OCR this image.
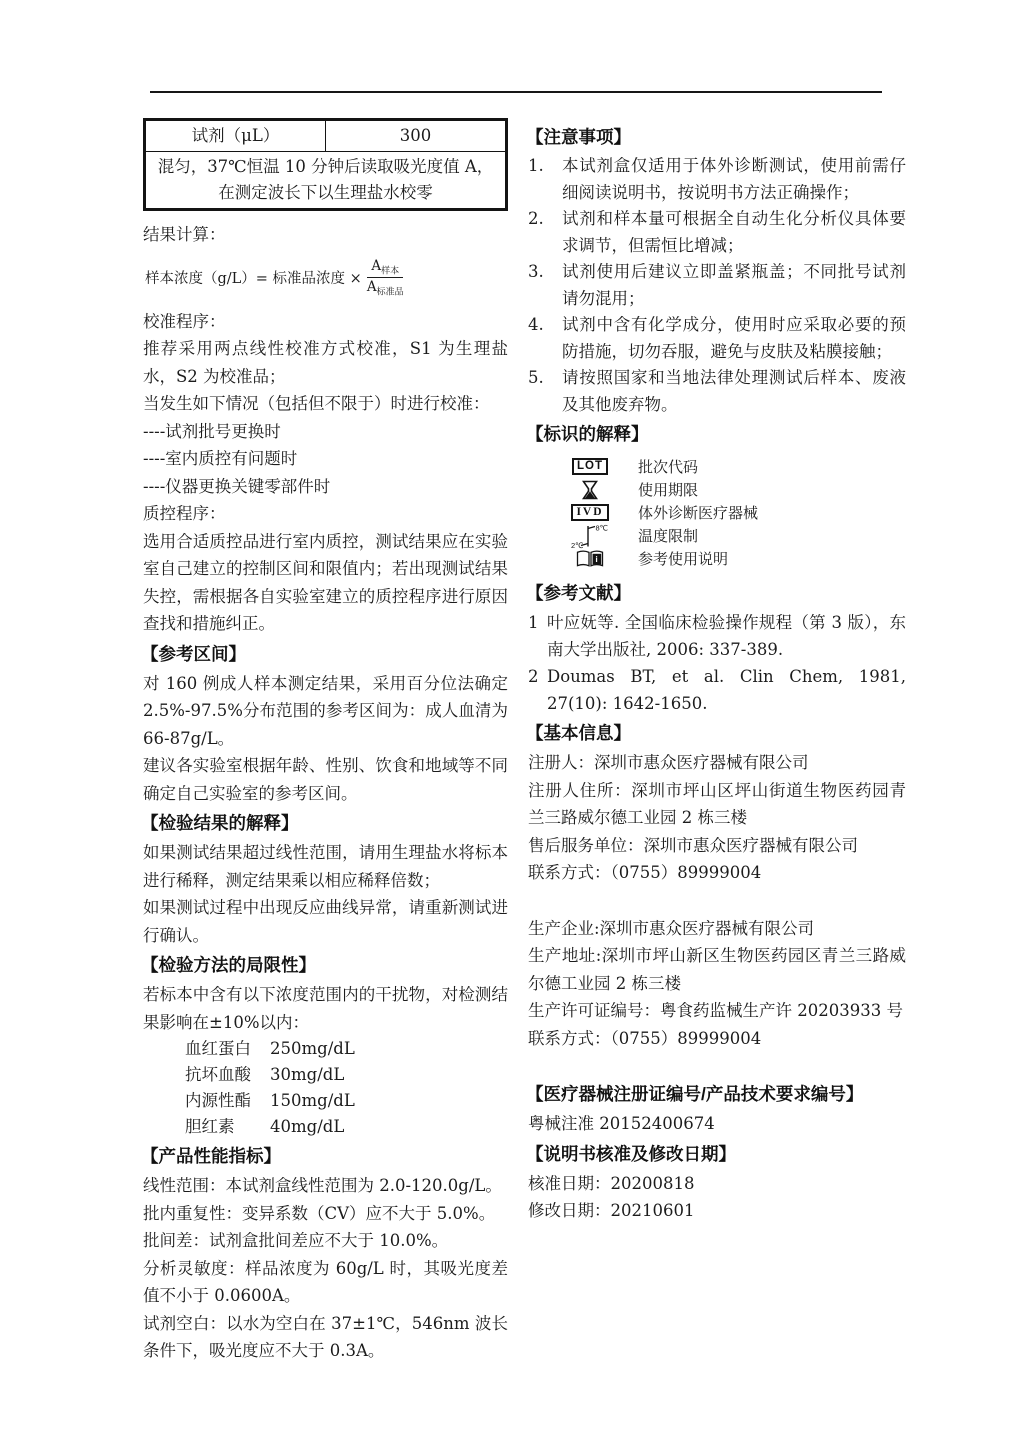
试剂（μL）	300
混匀，37℃恒温 10 分钟后读取吸光度值 A，在测定波长下以生理盐水校零

结果计算：

样本浓度（g/L）= 标准品浓度 × $\frac{A_{样本}}{A_{标准品}}$

校准程序：

推荐采用两点线性校准方式校准，S1 为生理盐水，S2 为校准品；

当发生如下情况（包括但不限于）时进行校准：

----试剂批号更换时

----室内质控有问题时

----仪器更换关键零部件时

质控程序：

选用合适质控品进行室内质控，测试结果应在实验室自己建立的控制区间和限值内；若出现测试结果失控，需根据各自实验室建立的质控程序进行原因查找和措施纠正。

【参考区间】

对 160 例成人样本测定结果，采用百分位法确定 2.5%-97.5%分布范围的参考区间为：成人血清为 66-87g/L。

建议各实验室根据年龄、性别、饮食和地域等不同确定自己实验室的参考区间。

【检验结果的解释】

如果测试结果超过线性范围，请用生理盐水将标本进行稀释，测定结果乘以相应稀释倍数；

如果测试过程中出现反应曲线异常，请重新测试进行确认。

【检验方法的局限性】

若标本中含有以下浓度范围内的干扰物，对检测结果影响在±10%以内：

血红蛋白	250mg/dL
抗坏血酸	30mg/dL
内源性酯	150mg/dL
胆红素	40mg/dL
【产品性能指标】

线性范围：本试剂盒线性范围为 2.0-120.0g/L。

批内重复性：变异系数（CV）应不大于 5.0%。

批间差：试剂盒批间差应不大于 10.0%。

分析灵敏度：样品浓度为 60g/L 时，其吸光度差值不小于 0.0600A。

试剂空白：以水为空白在 37±1℃，546nm 波长条件下，吸光度应不大于 0.3A。

【注意事项】
1.	本试剂盒仅适用于体外诊断测试，使用前需仔细阅读说明书，按说明书方法正确操作；
2.	试剂和样本量可根据全自动生化分析仪具体要求调节，但需恒比增减；
3.	试剂使用后建议立即盖紧瓶盖；不同批号试剂请勿混用；
4.	试剂中含有化学成分，使用时应采取必要的预防措施，切勿吞服，避免与皮肤及粘膜接触；
5.	请按照国家和当地法律处理测试后样本、废液及其他废弃物。
【标识的解释】
LOT	批次代码
使用期限
IVD	体外诊断医疗器械
8℃
2℃	温度限制
i	参考使用说明
【参考文献】
1 叶应妩等. 全国临床检验操作规程（第 3 版），东南大学出版社, 2006: 337-389.
2 Doumas BT, et al. Clin Chem, 1981, 27(10): 1642-1650.
【基本信息】

注册人：深圳市惠众医疗器械有限公司

注册人住所：深圳市坪山区坪山街道生物医药园青兰三路威尔德工业园 2 栋三楼

售后服务单位：深圳市惠众医疗器械有限公司

联系方式：（0755）89999004

生产企业:深圳市惠众医疗器械有限公司

生产地址:深圳市坪山新区生物医药园区青兰三路威尔德工业园 2 栋三楼

生产许可证编号：粤食药监械生产许 20203933 号

联系方式：（0755）89999004

【医疗器械注册证编号/产品技术要求编号】

粤械注准 20152400674

【说明书核准及修改日期】

核准日期：20200818

修改日期：20210601
